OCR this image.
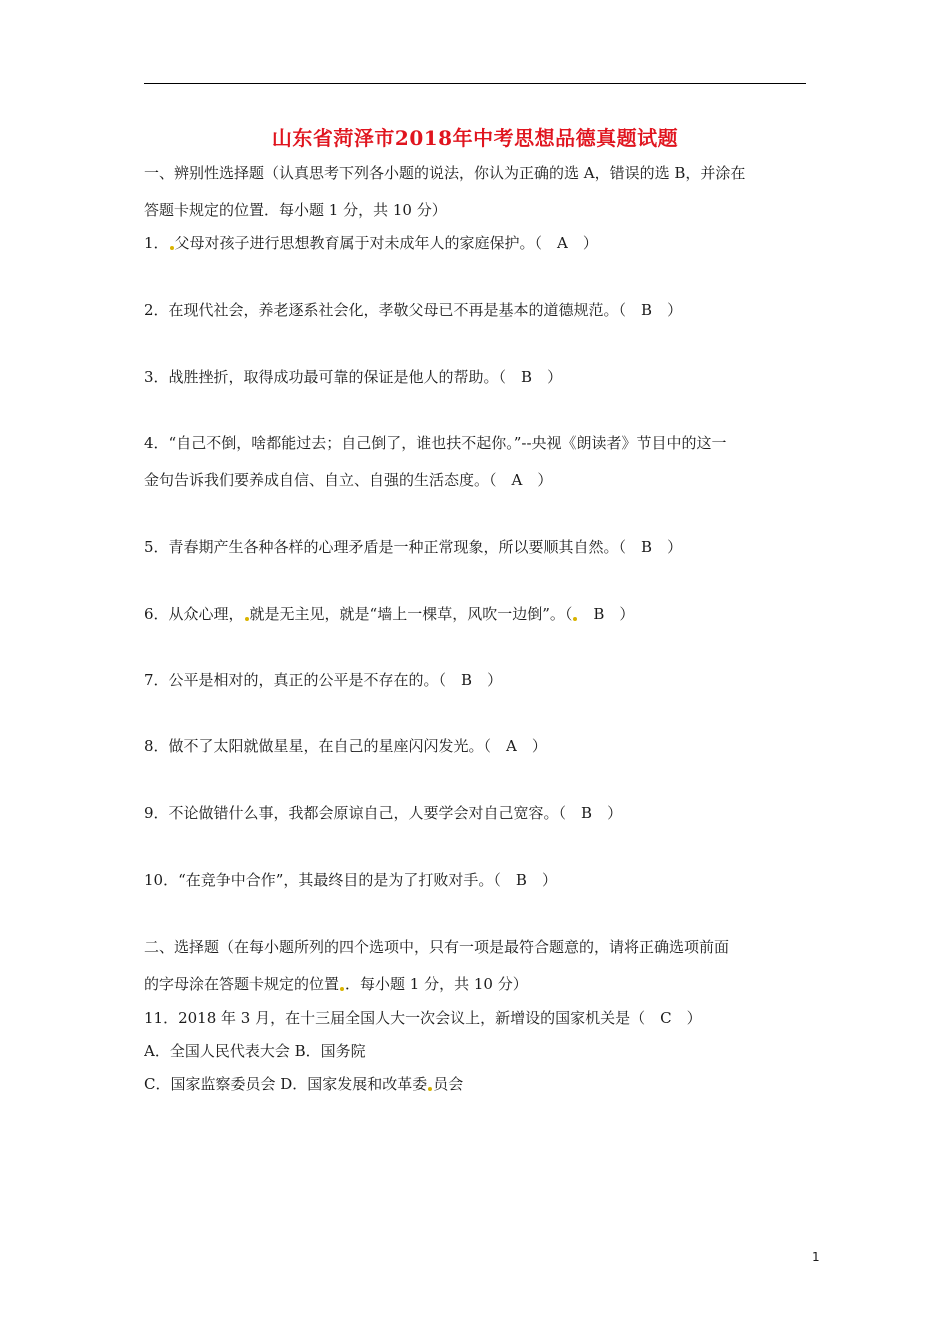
山东省菏泽市2018年中考思想品德真题试题
一、辨别性选择题（认真思考下列各小题的说法，你认为正确的选 A，错误的选 B，并涂在
答题卡规定的位置．每小题 1 分，共 10 分）
1． 父母对孩子进行思想教育属于对未成年人的家庭保护。（　A　）
2．在现代社会，养老逐系社会化，孝敬父母已不再是基本的道德规范。（　B　）
3．战胜挫折，取得成功最可靠的保证是他人的帮助。（　B　）
4．“自己不倒，啥都能过去；自己倒了，谁也扶不起你。”--央视《朗读者》节目中的这一
金句告诉我们要养成自信、自立、自强的生活态度。（　A　）
5．青春期产生各种各样的心理矛盾是一种正常现象，所以要顺其自然。（　B　）
6．从众心理， 就是无主见，就是“墙上一棵草，风吹一边倒”。（　B　）
7．公平是相对的，真正的公平是不存在的。（　B　）
8．做不了太阳就做星星，在自己的星座闪闪发光。（　A　）
9．不论做错什么事，我都会原谅自己，人要学会对自己宽容。（　B　）
10．“在竞争中合作”，其最终目的是为了打败对手。（　B　）
二、选择题（在每小题所列的四个选项中，只有一项是最符合题意的，请将正确选项前面
的字母涂在答题卡规定的位置 ．每小题 1 分，共 10 分）
11．2018 年 3 月，在十三届全国人大一次会议上，新增设的国家机关是（　C　）
A．全国人民代表大会 B．国务院
C．国家监察委员会 D．国家发展和改革委 员会
1
